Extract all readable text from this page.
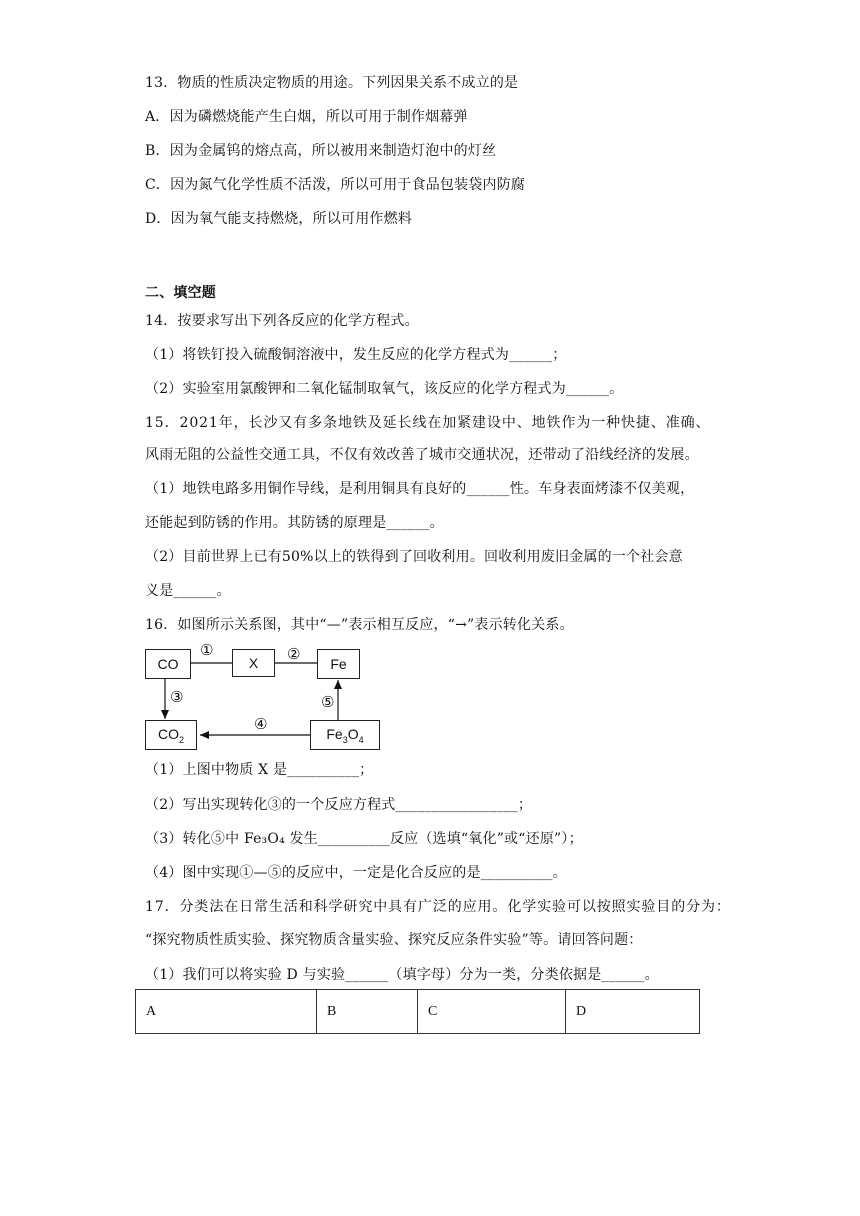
13．物质的性质决定物质的用途。下列因果关系不成立的是
A．因为磷燃烧能产生白烟，所以可用于制作烟幕弹
B．因为金属钨的熔点高，所以被用来制造灯泡中的灯丝
C．因为氮气化学性质不活泼，所以可用于食品包装袋内防腐
D．因为氧气能支持燃烧，所以可用作燃料
二、填空题
14．按要求写出下列各反应的化学方程式。
（1）将铁钉投入硫酸铜溶液中，发生反应的化学方程式为______；
（2）实验室用氯酸钾和二氧化锰制取氧气，该反应的化学方程式为______。
15．2021年，长沙又有多条地铁及延长线在加紧建设中、地铁作为一种快捷、准确、
风雨无阻的公益性交通工具，不仅有效改善了城市交通状况，还带动了沿线经济的发展。
（1）地铁电路多用铜作导线，是利用铜具有良好的______性。车身表面烤漆不仅美观，
还能起到防锈的作用。其防锈的原理是______。
（2）目前世界上已有50%以上的铁得到了回收利用。回收利用废旧金属的一个社会意
义是______。
16．如图所示关系图，其中“—”表示相互反应，“→”表示转化关系。
CO	X	Fe
$CO_2$	$Fe_3O_4$
①	②
③
④
⑤
（1）上图中物质 X 是__________；
（2）写出实现转化③的一个反应方程式_________________；
（3）转化⑤中 Fe₃O₄ 发生__________反应（选填“氧化”或“还原”）；
（4）图中实现①—⑤的反应中，一定是化合反应的是__________。
17．分类法在日常生活和科学研究中具有广泛的应用。化学实验可以按照实验目的分为：
“探究物质性质实验、探究物质含量实验、探究反应条件实验”等。请回答问题：
（1）我们可以将实验 D 与实验______（填字母）分为一类，分类依据是______。
A	B	C	D
